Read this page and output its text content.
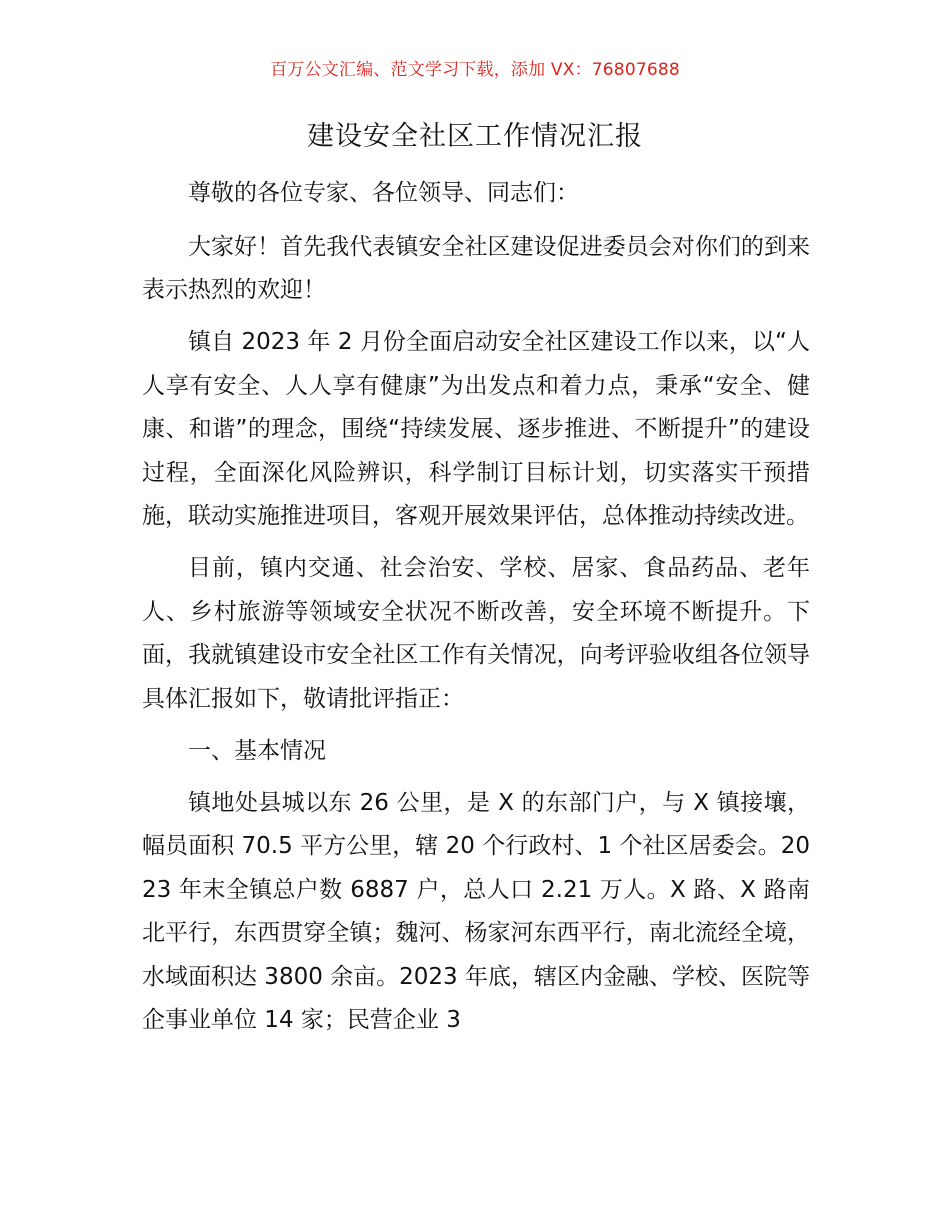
百万公文汇编、范文学习下载，添加 VX：76807688
建设安全社区工作情况汇报

尊敬的各位专家、各位领导、同志们：

大家好！首先我代表镇安全社区建设促进委员会对你们的到来表示热烈的欢迎！

镇自 2023 年 2 月份全面启动安全社区建设工作以来，以“人人享有安全、人人享有健康”为出发点和着力点，秉承“安全、健康、和谐”的理念，围绕“持续发展、逐步推进、不断提升”的建设过程，全面深化风险辨识，科学制订目标计划，切实落实干预措施，联动实施推进项目，客观开展效果评估，总体推动持续改进。

目前，镇内交通、社会治安、学校、居家、食品药品、老年人、乡村旅游等领域安全状况不断改善，安全环境不断提升。下面，我就镇建设市安全社区工作有关情况，向考评验收组各位领导具体汇报如下，敬请批评指正：

一、基本情况

镇地处县城以东 26 公里，是 X 的东部门户，与 X 镇接壤，幅员面积 70.5 平方公里，辖 20 个行政村、1 个社区居委会。2023 年末全镇总户数 6887 户，总人口 2.21 万人。X 路、X 路南北平行，东西贯穿全镇；魏河、杨家河东西平行，南北流经全境，水域面积达 3800 余亩。2023 年底，辖区内金融、学校、医院等企事业单位 14 家；民营企业 3
